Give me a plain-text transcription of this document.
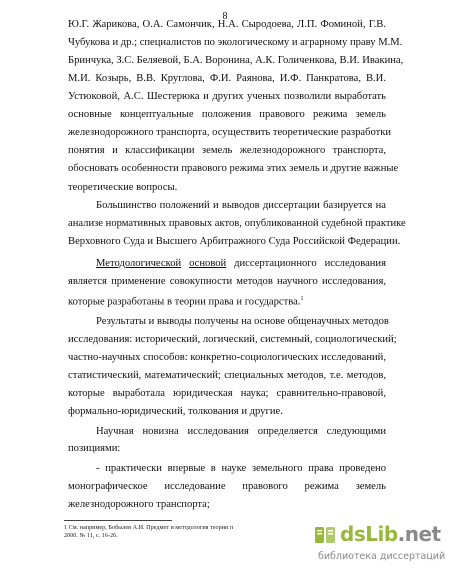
8
Ю.Г. Жарикова, О.А. Самончик, Н.А. Сыродоева, Л.П. Фоминой, Г.В.
Чубукова и др.; специалистов по экологическому и аграрному праву М.М.
Бринчука, З.С. Беляевой, Б.А. Воронина, А.К. Голиченкова, В.И. Ивакина,
М.И. Козырь, В.В. Круглова, Ф.И. Раянова, И.Ф. Панкратова, В.И.
Устюковой, А.С. Шестерюка и других ученых позволили выработать
основные концептуальные положения правового режима земель
железнодорожного транспорта, осуществить теоретические разработки
понятия и классификации земель железнодорожного транспорта,
обосновать особенности правового режима этих земель и другие важные
теоретические вопросы.
Большинство положений и выводов диссертации базируется на
анализе нормативных правовых актов, опубликованной судебной практике
Верховного Суда и Высшего Арбитражного Суда Российской Федерации.
Методологической основой диссертационного исследования
является применение совокупности методов научного исследования,
которые разработаны в теории права и государства.$^1$
Результаты и выводы получены на основе общенаучных методов
исследования: исторический, логический, системный, социологический;
частно-научных способов: конкретно-социологических исследований,
статистический, математический; специальных методов, т.е. методов,
которые выработала юридическая наука; сравнительно-правовой,
формально-юридический, толкования и другие.
Научная новизна исследования определяется следующими
позициями:
- практически впервые в науке земельного права проведено
монографическое исследование правового режима земель
железнодорожного транспорта;
1 См. например, Бобылев А.И. Предмет и методология теории п
2000. № 11, с. 16-26.	dsLib.net
библиотека диссертаций
